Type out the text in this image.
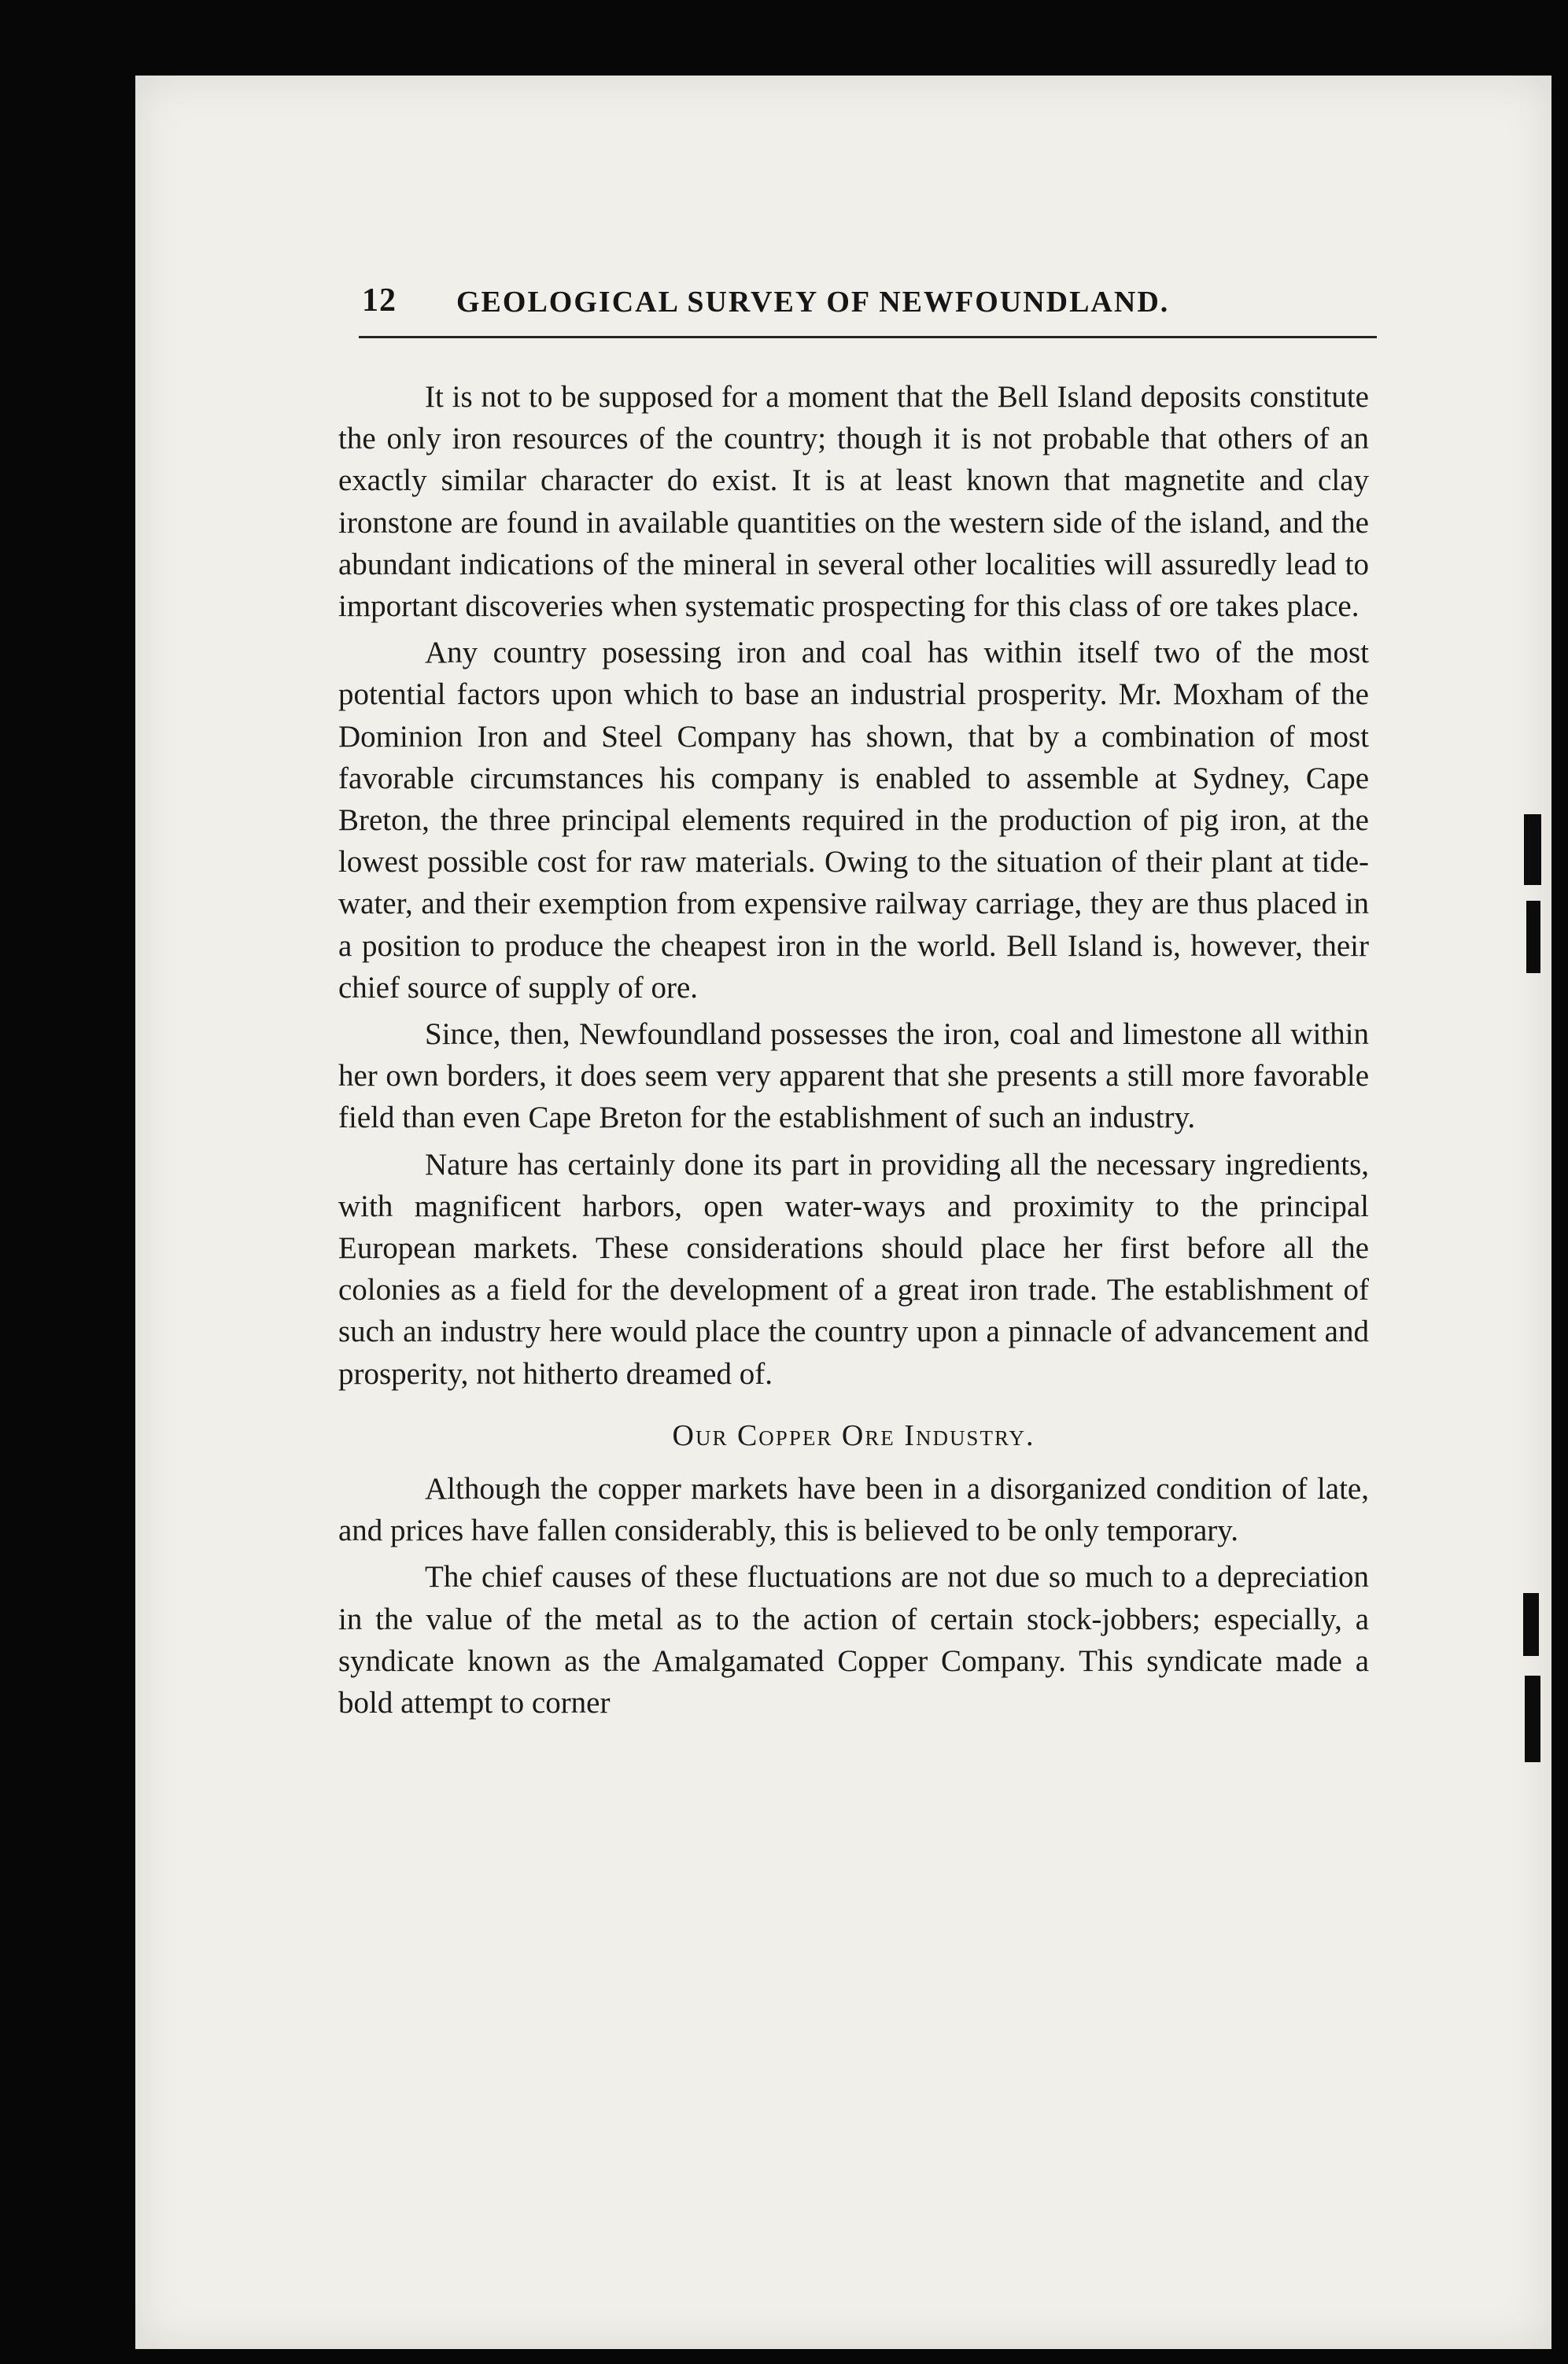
12 GEOLOGICAL SURVEY OF NEWFOUNDLAND.

It is not to be supposed for a moment that the Bell Island deposits constitute the only iron resources of the country; though it is not probable that others of an exactly similar character do exist. It is at least known that magnetite and clay ironstone are found in available quantities on the western side of the island, and the abundant indications of the mineral in several other localities will assuredly lead to important discoveries when systematic prospecting for this class of ore takes place.

Any country posessing iron and coal has within itself two of the most potential factors upon which to base an industrial prosperity. Mr. Moxham of the Dominion Iron and Steel Company has shown, that by a combination of most favorable circumstances his company is enabled to assemble at Sydney, Cape Breton, the three principal elements required in the production of pig iron, at the lowest possible cost for raw materials. Owing to the situation of their plant at tide-water, and their exemption from expensive railway carriage, they are thus placed in a position to produce the cheapest iron in the world. Bell Island is, however, their chief source of supply of ore.

Since, then, Newfoundland possesses the iron, coal and limestone all within her own borders, it does seem very apparent that she presents a still more favorable field than even Cape Breton for the establishment of such an industry.

Nature has certainly done its part in providing all the necessary ingredients, with magnificent harbors, open water-ways and proximity to the principal European markets. These considerations should place her first before all the colonies as a field for the development of a great iron trade. The establishment of such an industry here would place the country upon a pinnacle of advancement and prosperity, not hitherto dreamed of.

Our Copper Ore Industry.

Although the copper markets have been in a disorganized condition of late, and prices have fallen considerably, this is believed to be only temporary.

The chief causes of these fluctuations are not due so much to a depreciation in the value of the metal as to the action of certain stock-jobbers; especially, a syndicate known as the Amalgamated Copper Company. This syndicate made a bold attempt to corner
